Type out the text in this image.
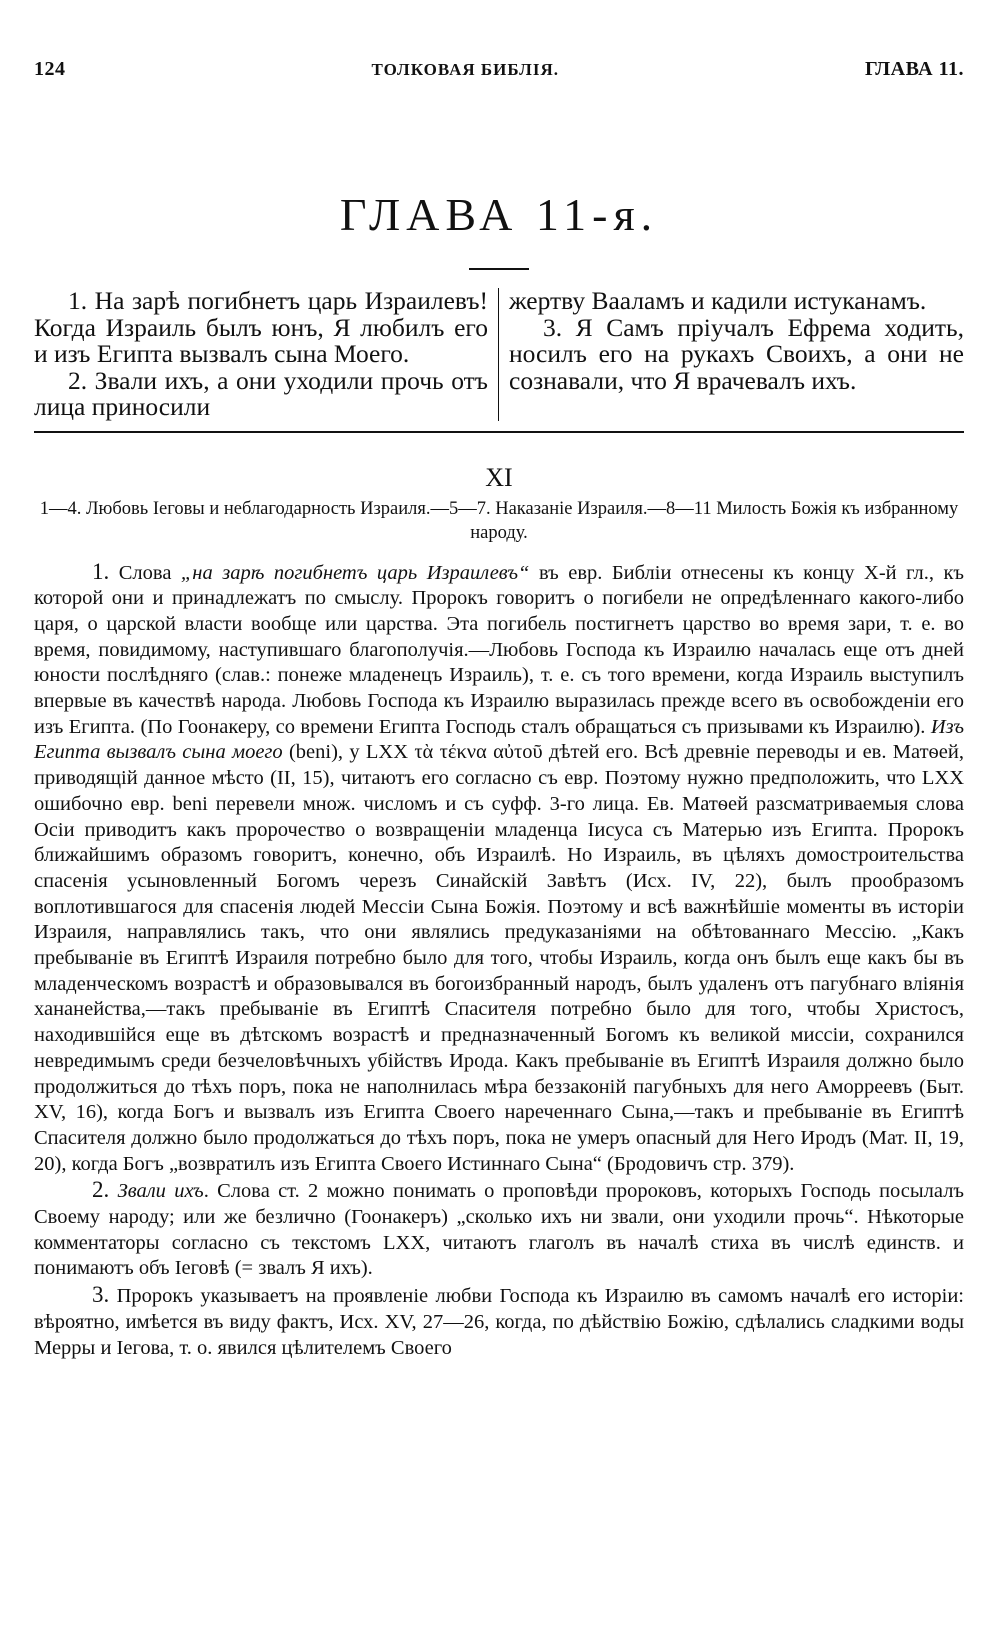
124	ТОЛКОВАЯ БИБЛІЯ.	ГЛАВА 11.
ГЛАВА 11-я.

1. На зарѣ погибнетъ царь Израилевъ! Когда Израиль былъ юнъ, Я любилъ его и изъ Египта вызвалъ сына Моего.

2. Звали ихъ, а они уходили прочь отъ лица приносили

жертву Вааламъ и кадили истуканамъ.

3. Я Самъ пріучалъ Ефрема ходить, носилъ его на рукахъ Своихъ, а они не сознавали, что Я врачевалъ ихъ.

XI
1—4. Любовь Іеговы и неблагодарность Израиля.—5—7. Наказаніе Израиля.—8—11 Милость Божія къ избранному народу.

1. Слова „на зарѣ погибнетъ царь Израилевъ“ въ евр. Библіи отнесены къ концу X-й гл., къ которой они и принадлежатъ по смыслу. Пророкъ говоритъ о погибели не опредѣленнаго какого-либо царя, о царской власти вообще или царства. Эта погибель постигнетъ царство во время зари, т. е. во время, повидимому, наступившаго благополучія.—Любовь Господа къ Израилю началась еще отъ дней юности послѣдняго (слав.: понеже младенецъ Израиль), т. е. съ того времени, когда Израиль выступилъ впервые въ качествѣ народа. Любовь Господа къ Израилю выразилась прежде всего въ освобожденіи его изъ Египта. (По Гоонакеру, со времени Египта Господь сталъ обращаться съ призывами къ Израилю). Изъ Египта вызвалъ сына моего (beni), у LXX τὰ τέκνα αὐτοῦ дѣтей его. Всѣ древніе переводы и ев. Матѳей, приводящій данное мѣсто (II, 15), читаютъ его согласно съ евр. Поэтому нужно предположить, что LXX ошибочно евр. beni перевели множ. числомъ и съ суфф. 3-го лица. Ев. Матѳей разсматриваемыя слова Осіи приводитъ какъ пророчество о возвращеніи младенца Іисуса съ Матерью изъ Египта. Пророкъ ближайшимъ образомъ говоритъ, конечно, объ Израилѣ. Но Израиль, въ цѣляхъ домостроительства спасенія усыновленный Богомъ черезъ Синайскій Завѣтъ (Исх. IV, 22), былъ прообразомъ воплотившагося для спасенія людей Мессіи Сына Божія. Поэтому и всѣ важнѣйшіе моменты въ исторіи Израиля, направлялись такъ, что они являлись предуказаніями на обѣтованнаго Мессію. „Какъ пребываніе въ Египтѣ Израиля потребно было для того, чтобы Израиль, когда онъ былъ еще какъ бы въ младенческомъ возрастѣ и образовывался въ богоизбранный народъ, былъ удаленъ отъ пагубнаго вліянія хананейства,—такъ пребываніе въ Египтѣ Спасителя потребно было для того, чтобы Христосъ, находившійся еще въ дѣтскомъ возрастѣ и предназначенный Богомъ къ великой миссіи, сохранился невредимымъ среди безчеловѣчныхъ убійствъ Ирода. Какъ пребываніе въ Египтѣ Израиля должно было продолжиться до тѣхъ поръ, пока не наполнилась мѣра беззаконій пагубныхъ для него Аморреевъ (Быт. XV, 16), когда Богъ и вызвалъ изъ Египта Своего нареченнаго Сына,—такъ и пребываніе въ Египтѣ Спасителя должно было продолжаться до тѣхъ поръ, пока не умеръ опасный для Него Иродъ (Мат. II, 19, 20), когда Богъ „возвратилъ изъ Египта Своего Истиннаго Сына“ (Бродовичъ стр. 379).

2. Звали ихъ. Слова ст. 2 можно понимать о проповѣди пророковъ, которыхъ Господь посылалъ Своему народу; или же безлично (Гоонакеръ) „сколько ихъ ни звали, они уходили прочь“. Нѣкоторые комментаторы согласно съ текстомъ LXX, читаютъ глаголъ въ началѣ стиха въ числѣ единств. и понимаютъ объ Іеговѣ (= звалъ Я ихъ).

3. Пророкъ указываетъ на проявленіе любви Господа къ Израилю въ самомъ началѣ его исторіи: вѣроятно, имѣется въ виду фактъ, Исх. XV, 27—26, когда, по дѣйствію Божію, сдѣлались сладкими воды Мерры и Іегова, т. о. явился цѣлителемъ Своего
